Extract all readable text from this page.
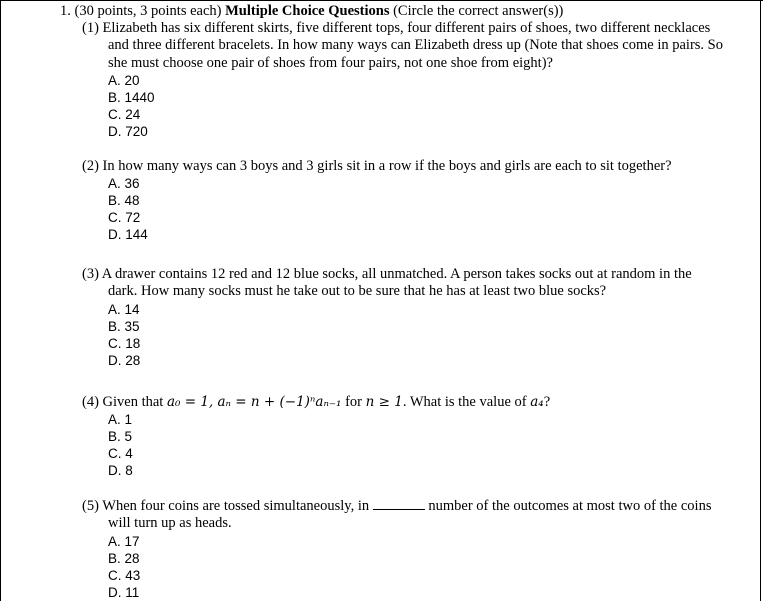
1. (30 points, 3 points each) Multiple Choice Questions (Circle the correct answer(s))
(1) Elizabeth has six different skirts, five different tops, four different pairs of shoes, two different necklaces
and three different bracelets. In how many ways can Elizabeth dress up (Note that shoes come in pairs. So
she must choose one pair of shoes from four pairs, not one shoe from eight)?
A. 20
B. 1440
C. 24
D. 720
(2) In how many ways can 3 boys and 3 girls sit in a row if the boys and girls are each to sit together?
A. 36
B. 48
C. 72
D. 144
(3) A drawer contains 12 red and 12 blue socks, all unmatched. A person takes socks out at random in the
dark. How many socks must he take out to be sure that he has at least two blue socks?
A. 14
B. 35
C. 18
D. 28
(4) Given that a₀ = 1, aₙ = n + (−1)ⁿaₙ₋₁ for n ≥ 1. What is the value of a₄?
A. 1
B. 5
C. 4
D. 8
(5) When four coins are tossed simultaneously, in	number of the outcomes at most two of the coins
will turn up as heads.
A. 17
B. 28
C. 43
D. 11
